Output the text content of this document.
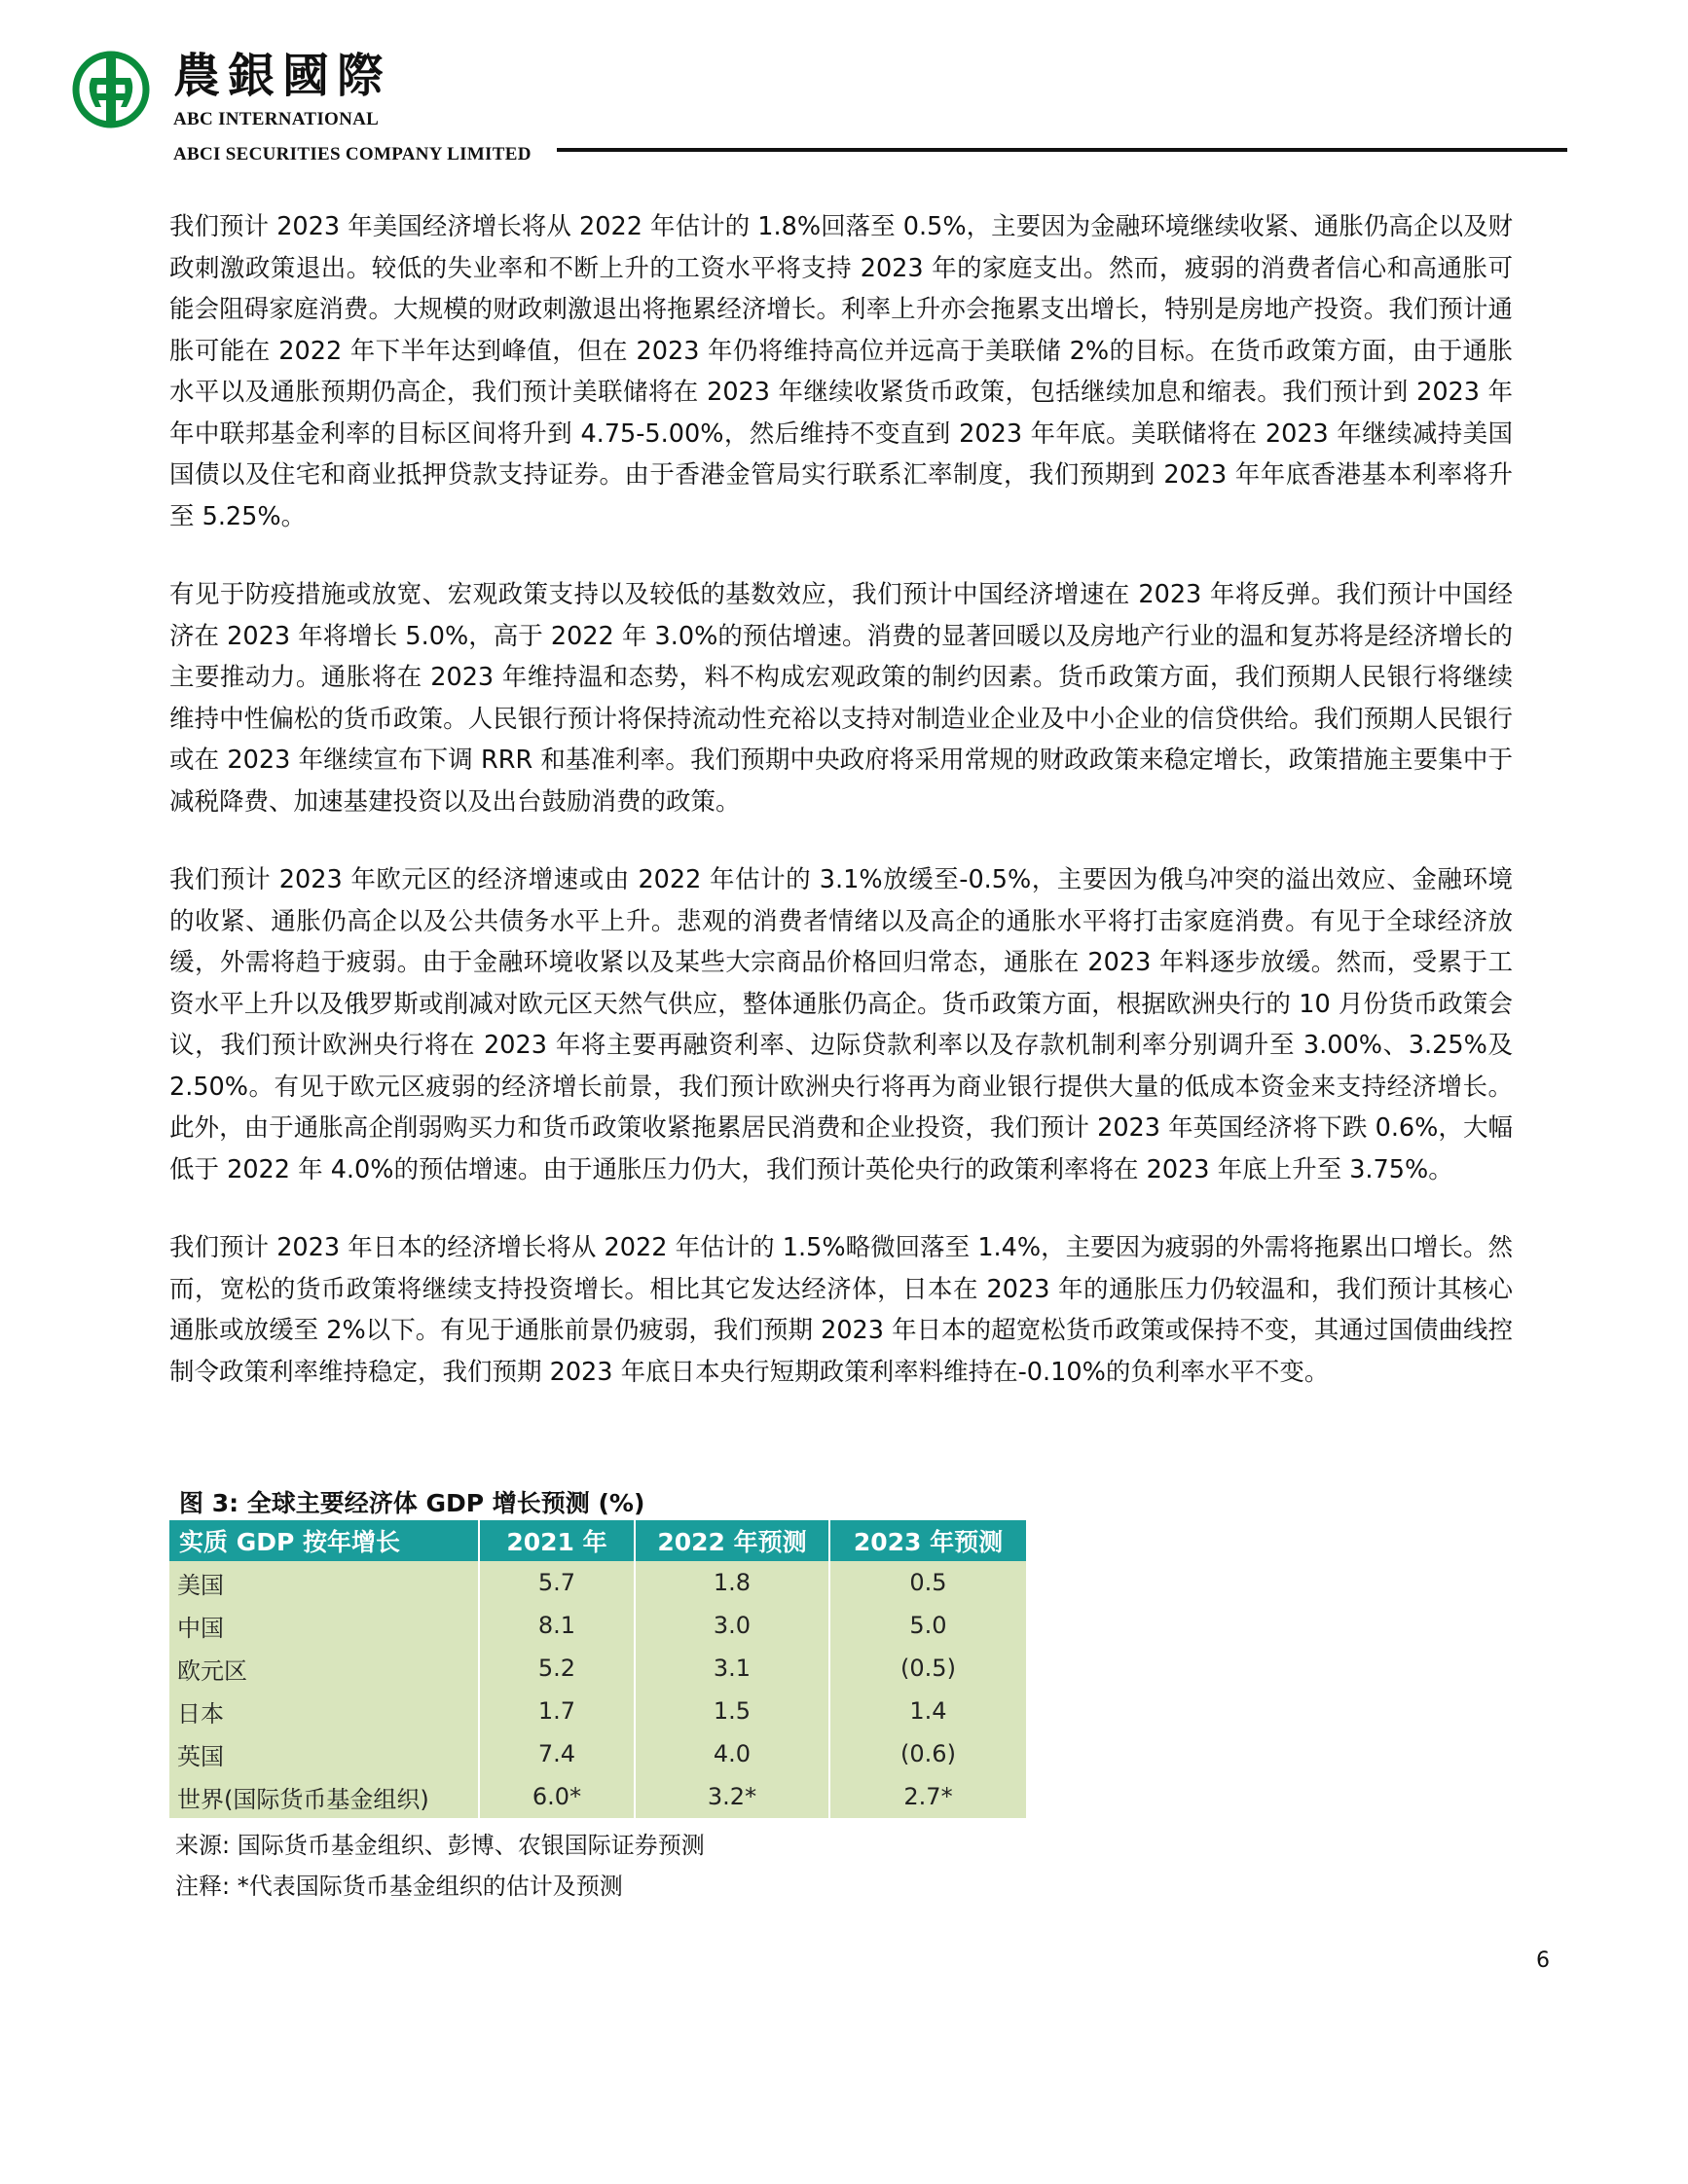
農銀國際
ABC INTERNATIONAL
ABCI SECURITIES COMPANY LIMITED

我们预计 2023 年美国经济增长将从 2022 年估计的 1.8%回落至 0.5%，主要因为金融环境继续收紧、通胀仍高企以及财政刺激政策退出。较低的失业率和不断上升的工资水平将支持 2023 年的家庭支出。然而，疲弱的消费者信心和高通胀可能会阻碍家庭消费。大规模的财政刺激退出将拖累经济增长。利率上升亦会拖累支出增长，特别是房地产投资。我们预计通胀可能在 2022 年下半年达到峰值，但在 2023 年仍将维持高位并远高于美联储 2%的目标。在货币政策方面，由于通胀水平以及通胀预期仍高企，我们预计美联储将在 2023 年继续收紧货币政策，包括继续加息和缩表。我们预计到 2023 年年中联邦基金利率的目标区间将升到 4.75-5.00%，然后维持不变直到 2023 年年底。美联储将在 2023 年继续减持美国国债以及住宅和商业抵押贷款支持证券。由于香港金管局实行联系汇率制度，我们预期到 2023 年年底香港基本利率将升至 5.25%。

有见于防疫措施或放宽、宏观政策支持以及较低的基数效应，我们预计中国经济增速在 2023 年将反弹。我们预计中国经济在 2023 年将增长 5.0%，高于 2022 年 3.0%的预估增速。消费的显著回暖以及房地产行业的温和复苏将是经济增长的主要推动力。通胀将在 2023 年维持温和态势，料不构成宏观政策的制约因素。货币政策方面，我们预期人民银行将继续维持中性偏松的货币政策。人民银行预计将保持流动性充裕以支持对制造业企业及中小企业的信贷供给。我们预期人民银行或在 2023 年继续宣布下调 RRR 和基准利率。我们预期中央政府将采用常规的财政政策来稳定增长，政策措施主要集中于减税降费、加速基建投资以及出台鼓励消费的政策。

我们预计 2023 年欧元区的经济增速或由 2022 年估计的 3.1%放缓至-0.5%，主要因为俄乌冲突的溢出效应、金融环境的收紧、通胀仍高企以及公共债务水平上升。悲观的消费者情绪以及高企的通胀水平将打击家庭消费。有见于全球经济放缓，外需将趋于疲弱。由于金融环境收紧以及某些大宗商品价格回归常态，通胀在 2023 年料逐步放缓。然而，受累于工资水平上升以及俄罗斯或削减对欧元区天然气供应，整体通胀仍高企。货币政策方面，根据欧洲央行的 10 月份货币政策会议，我们预计欧洲央行将在 2023 年将主要再融资利率、边际贷款利率以及存款机制利率分别调升至 3.00%、3.25%及 2.50%。有见于欧元区疲弱的经济增长前景，我们预计欧洲央行将再为商业银行提供大量的低成本资金来支持经济增长。此外，由于通胀高企削弱购买力和货币政策收紧拖累居民消费和企业投资，我们预计 2023 年英国经济将下跌 0.6%，大幅低于 2022 年 4.0%的预估增速。由于通胀压力仍大，我们预计英伦央行的政策利率将在 2023 年底上升至 3.75%。

我们预计 2023 年日本的经济增长将从 2022 年估计的 1.5%略微回落至 1.4%，主要因为疲弱的外需将拖累出口增长。然而，宽松的货币政策将继续支持投资增长。相比其它发达经济体，日本在 2023 年的通胀压力仍较温和，我们预计其核心通胀或放缓至 2%以下。有见于通胀前景仍疲弱，我们预期 2023 年日本的超宽松货币政策或保持不变，其通过国债曲线控制令政策利率维持稳定，我们预期 2023 年底日本央行短期政策利率料维持在-0.10%的负利率水平不变。

图 3: 全球主要经济体 GDP 增长预测 (%)
实质 GDP 按年增长	2021 年	2022 年预测	2023 年预测
美国	5.7	1.8	0.5
中国	8.1	3.0	5.0
欧元区	5.2	3.1	(0.5)
日本	1.7	1.5	1.4
英国	7.4	4.0	(0.6)
世界(国际货币基金组织)	6.0*	3.2*	2.7*
来源: 国际货币基金组织、彭博、农银国际证券预测
注释: *代表国际货币基金组织的估计及预测
6
